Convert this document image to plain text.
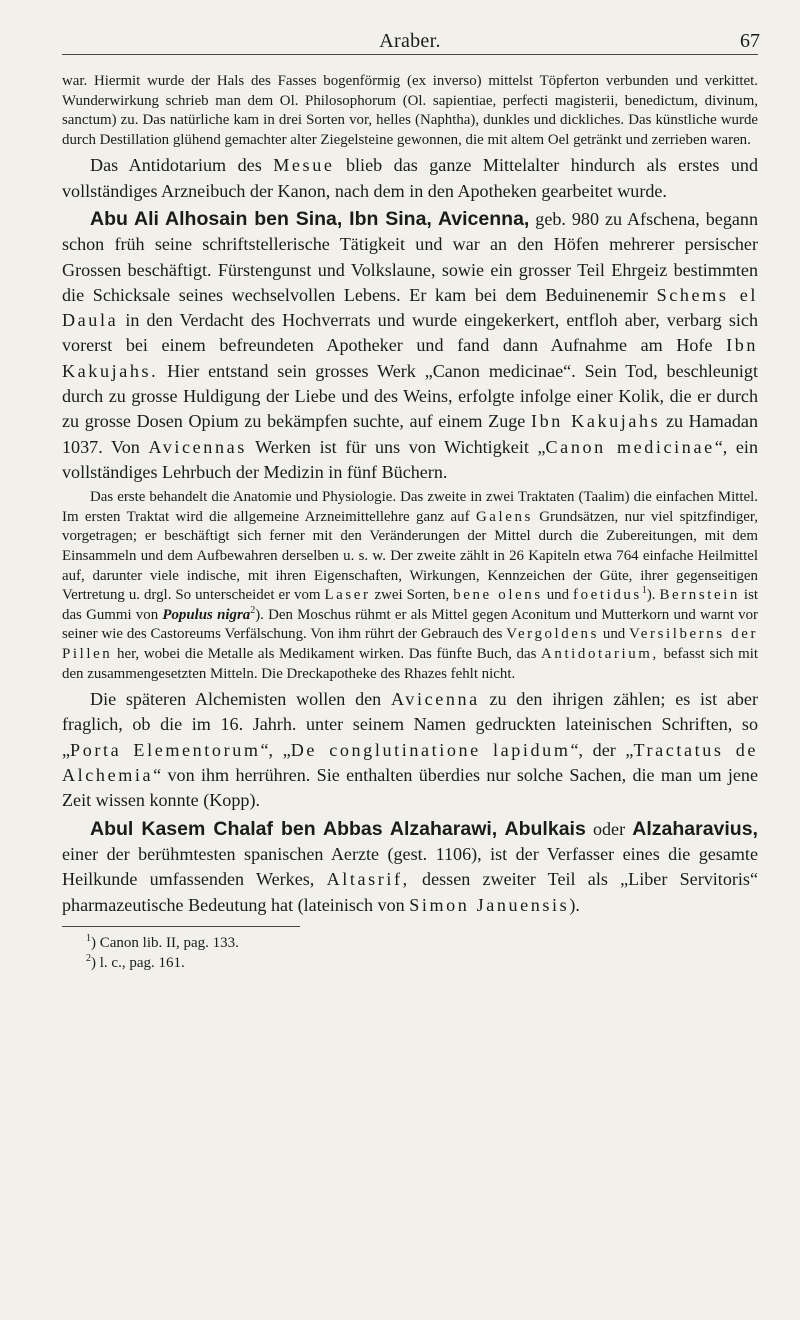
Araber.	67

war. Hiermit wurde der Hals des Fasses bogenförmig (ex inverso) mittelst Töpferton verbunden und verkittet. Wunderwirkung schrieb man dem Ol. Philosophorum (Ol. sapientiae, perfecti magisterii, benedictum, divinum, sanctum) zu. Das natürliche kam in drei Sorten vor, helles (Naphtha), dunkles und dickliches. Das künstliche wurde durch Destillation glühend gemachter alter Ziegelsteine gewonnen, die mit altem Oel getränkt und zerrieben waren.

Das Antidotarium des Mesue blieb das ganze Mittelalter hindurch als erstes und vollständiges Arzneibuch der Kanon, nach dem in den Apotheken gearbeitet wurde.

Abu Ali Alhosain ben Sina, Ibn Sina, Avicenna, geb. 980 zu Afschena, begann schon früh seine schriftstellerische Tätigkeit und war an den Höfen mehrerer persischer Grossen beschäftigt. Fürstengunst und Volkslaune, sowie ein grosser Teil Ehrgeiz bestimmten die Schicksale seines wechselvollen Lebens. Er kam bei dem Beduinenemir Schems el Daula in den Verdacht des Hochverrats und wurde eingekerkert, entfloh aber, verbarg sich vorerst bei einem befreundeten Apotheker und fand dann Aufnahme am Hofe Ibn Kakujahs. Hier entstand sein grosses Werk „Canon medicinae“. Sein Tod, beschleunigt durch zu grosse Huldigung der Liebe und des Weins, erfolgte infolge einer Kolik, die er durch zu grosse Dosen Opium zu bekämpfen suchte, auf einem Zuge Ibn Kakujahs zu Hamadan 1037. Von Avicennas Werken ist für uns von Wichtigkeit „Canon medicinae“, ein vollständiges Lehrbuch der Medizin in fünf Büchern.

Das erste behandelt die Anatomie und Physiologie. Das zweite in zwei Traktaten (Taalim) die einfachen Mittel. Im ersten Traktat wird die allgemeine Arzneimittellehre ganz auf Galens Grundsätzen, nur viel spitzfindiger, vorgetragen; er beschäftigt sich ferner mit den Veränderungen der Mittel durch die Zubereitungen, mit dem Einsammeln und dem Aufbewahren derselben u. s. w. Der zweite zählt in 26 Kapiteln etwa 764 einfache Heilmittel auf, darunter viele indische, mit ihren Eigenschaften, Wirkungen, Kennzeichen der Güte, ihrer gegenseitigen Vertretung u. drgl. So unterscheidet er vom Laser zwei Sorten, bene olens und foetidus$^1$). Bernstein ist das Gummi von Populus nigra$^2$). Den Moschus rühmt er als Mittel gegen Aconitum und Mutterkorn und warnt vor seiner wie des Castoreums Verfälschung. Von ihm rührt der Gebrauch des Vergoldens und Versilberns der Pillen her, wobei die Metalle als Medikament wirken. Das fünfte Buch, das Antidotarium, befasst sich mit den zusammengesetzten Mitteln. Die Dreckapotheke des Rhazes fehlt nicht.

Die späteren Alchemisten wollen den Avicenna zu den ihrigen zählen; es ist aber fraglich, ob die im 16. Jahrh. unter seinem Namen gedruckten lateinischen Schriften, so „Porta Elementorum“, „De conglutinatione lapidum“, der „Tractatus de Alchemia“ von ihm herrühren. Sie enthalten überdies nur solche Sachen, die man um jene Zeit wissen konnte (Kopp).

Abul Kasem Chalaf ben Abbas Alzaharawi, Abulkais oder Alzaharavius, einer der berühmtesten spanischen Aerzte (gest. 1106), ist der Verfasser eines die gesamte Heilkunde umfassenden Werkes, Altasrif, dessen zweiter Teil als „Liber Servitoris“ pharmazeutische Bedeutung hat (lateinisch von Simon Januensis).

$^1$) Canon lib. II, pag. 133.
$^2$) l. c., pag. 161.
